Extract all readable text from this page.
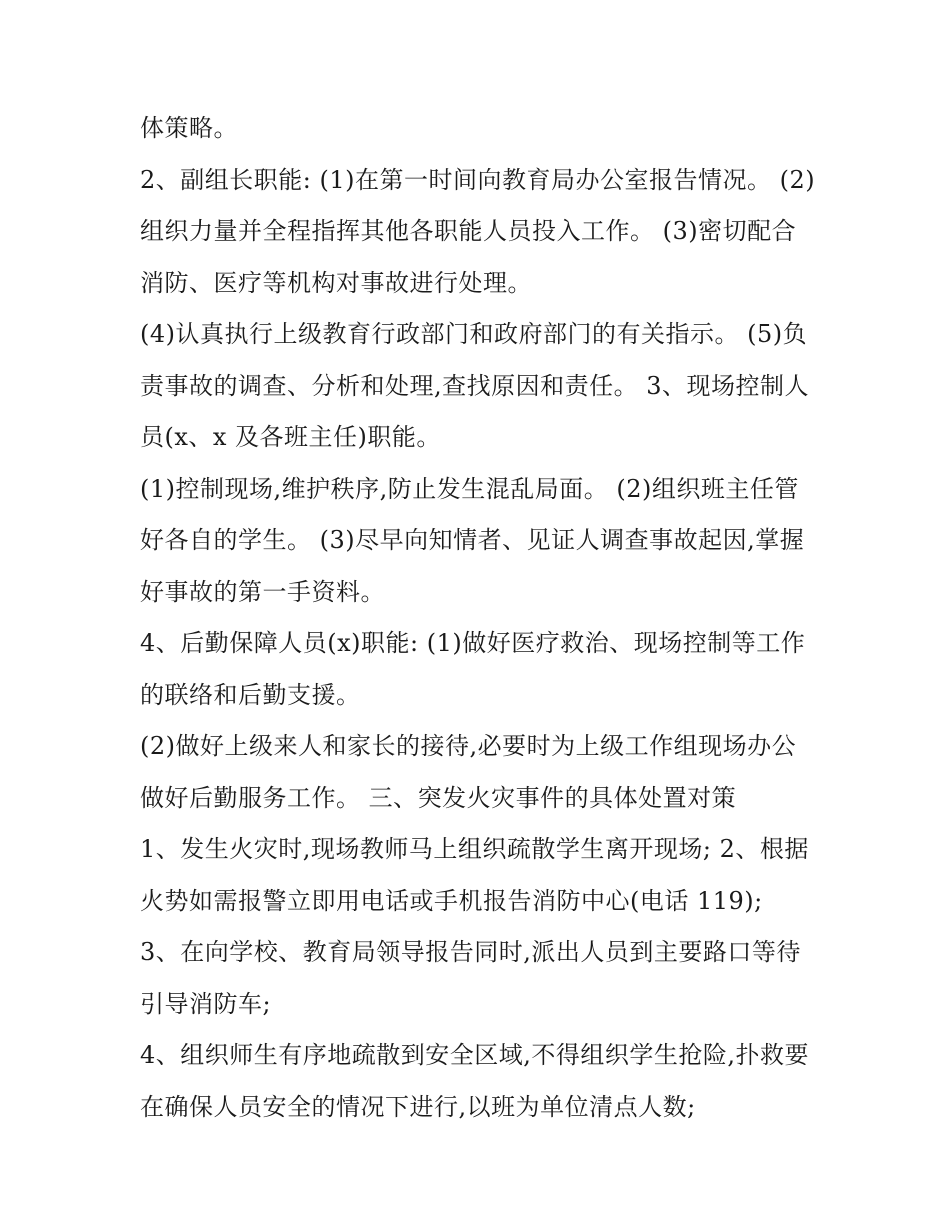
体策略。

2、副组长职能: (1)在第一时间向教育局办公室报告情况。 (2)

组织力量并全程指挥其他各职能人员投入工作。 (3)密切配合

消防、医疗等机构对事故进行处理。

(4)认真执行上级教育行政部门和政府部门的有关指示。 (5)负

责事故的调查、分析和处理,查找原因和责任。 3、现场控制人

员(x、x 及各班主任)职能。

(1)控制现场,维护秩序,防止发生混乱局面。 (2)组织班主任管

好各自的学生。 (3)尽早向知情者、见证人调查事故起因,掌握

好事故的第一手资料。

4、后勤保障人员(x)职能: (1)做好医疗救治、现场控制等工作

的联络和后勤支援。

(2)做好上级来人和家长的接待,必要时为上级工作组现场办公

做好后勤服务工作。 三、突发火灾事件的具体处置对策

1、发生火灾时,现场教师马上组织疏散学生离开现场; 2、根据

火势如需报警立即用电话或手机报告消防中心(电话 119);

3、在向学校、教育局领导报告同时,派出人员到主要路口等待

引导消防车;

4、组织师生有序地疏散到安全区域,不得组织学生抢险,扑救要

在确保人员安全的情况下进行,以班为单位清点人数;
